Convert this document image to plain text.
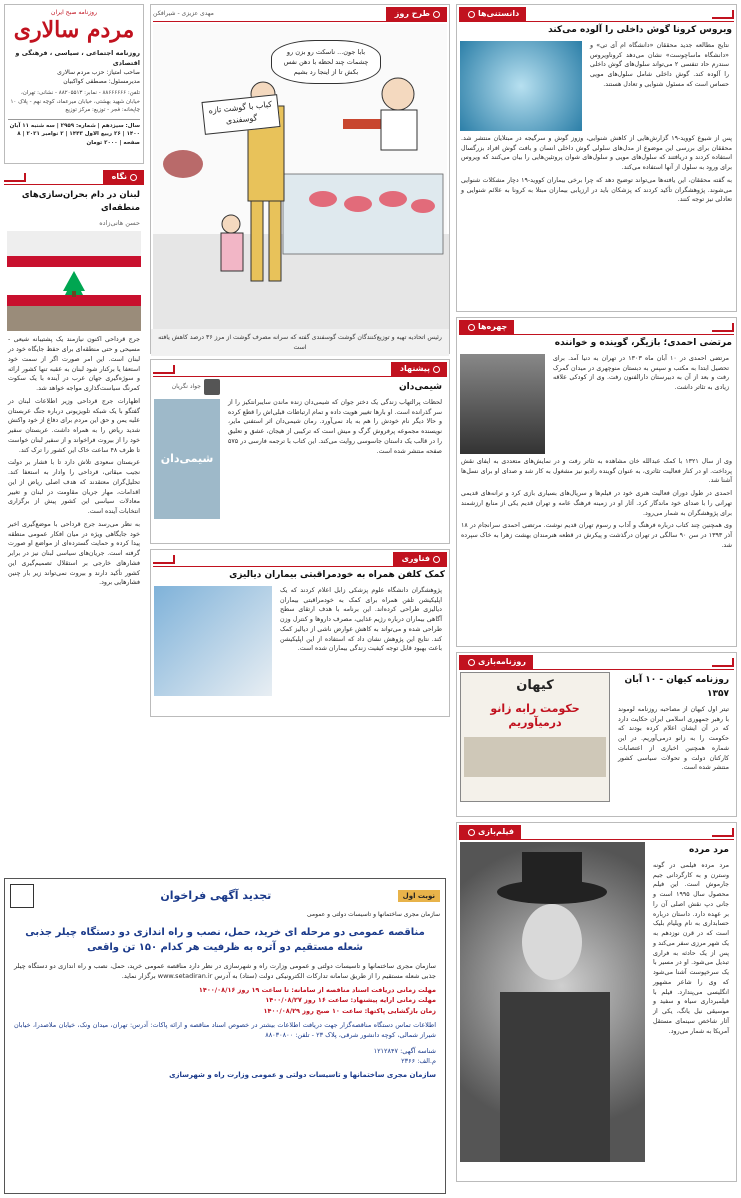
روزنامه صبح ایران
مردم سالاری
روزنامه اجتماعی ، سیاسی ، فرهنگی و اقتصادی
صاحب امتیاز: حزب مردم سالاری
مدیرمسئول: مصطفی کواکبیان
تلفن: ۸۸۶۶۶۶۶۶ - نمابر: ۸۸۲۰۵۵۱۳ - نشانی: تهران، خیابان شهید بهشتی، خیابان میرعماد، کوچه نهم - پلاک ۱۰
چاپخانه: فجر - توزیع: مرکز توزیع
سال: سیزدهم | شماره: ۲۹۵۹ | سه شنبه ۱۱ آبان ۱۴۰۰ | ۲۶ ربیع الاول ۱۴۴۳ | ۲ نوامبر ۲۰۲۱ | ۸ صفحه | ۲۰۰۰ تومان
نگاه
لبنان در دام بحران‌سازی‌های منطقه‌ای
حسن هانی‌زاده

جرج قرداحی اکنون نیازمند یک پشتیبانه شیعی - مسیحی و حتی منطقه‌ای برای حفظ جایگاه خود در لبنان است. این امر صورت اگر از سمت خود استعفا یا برکنار شود لبنان به عقبه تنها کشور ارائه و سوژه‌گیری جهان عرب در آینده با یک سکوت کمرنگ سیاست‌گذاری مواجه خواهد شد.

اظهارات جرج قرداحی وزیر اطلاعات لبنان در گفتگو با یک شبکه تلویزیونی درباره جنگ عربستان علیه یمن و حق این مردم برای دفاع از خود واکنش شدید ریاض را به همراه داشت. عربستان سفیر خود را از بیروت فراخواند و از سفیر لبنان خواست تا ظرف ۴۸ ساعت خاک این کشور را ترک کند.

عربستان سعودی تلاش دارد تا با فشار بر دولت نجیب میقاتی، قرداحی را وادار به استعفا کند. تحلیل‌گران معتقدند که هدف اصلی ریاض از این اقدامات، مهار جریان مقاومت در لبنان و تغییر معادلات سیاسی این کشور پیش از برگزاری انتخابات آینده است.

به نظر می‌رسد جرج قرداحی با موضع‌گیری اخیر خود جایگاهی ویژه در میان افکار عمومی منطقه پیدا کرده و حمایت گسترده‌ای از مواضع او صورت گرفته است. جریان‌های سیاسی لبنان نیز در برابر فشارهای خارجی بر استقلال تصمیم‌گیری این کشور تأکید دارند و بیروت نمی‌تواند زیر بار چنین فشارهایی برود.

طرح روز
مهدی عزیزی - شیرافکن
بابا جون... ناسکت رو بزن رو چشمات چند لحظه با دهن نفس بکش تا از اینجا رد بشیم
کباب با گوشت تازه گوسفندی
رئیس اتحادیه تهیه و توزیع‌کنندگان گوشت گوسفندی گفته که سرانه مصرف گوشت از مرز ۳۶ درصد کاهش یافته است
پیشنهاد
شیمی‌دان

لحظات پرالتهاب زندگی یک دختر جوان که شیمی‌دان زنده ماندن سایبرانتکیز را از سر گذرانده است. او بارها تغییر هویت داده و تمام ارتباطات قبلی‌اش را قطع کرده و حالا دیگر نام خودش را هم به یاد نمی‌آورد. رمان شیمی‌دان اثر استفنی مایر، نویسنده مجموعه پرفروش گرگ و میش است که ترکیبی از هیجان، عشق و تعلیق را در قالب یک داستان جاسوسی روایت می‌کند. این کتاب با ترجمه فارسی در ۵۷۵ صفحه منتشر شده است.

جواد نگریان
شیمی‌دان
فناوری
کمک کلفن همراه به خودمراقبتی بیماران دیالیزی

پژوهشگران دانشگاه علوم پزشکی زابل اعلام کردند که یک اپلیکیشن تلفن همراه برای کمک به خودمراقبتی بیماران دیالیزی طراحی کرده‌اند. این برنامه با هدف ارتقای سطح آگاهی بیماران درباره رژیم غذایی، مصرف داروها و کنترل وزن طراحی شده و می‌تواند به کاهش عوارض ناشی از دیالیز کمک کند. نتایج این پژوهش نشان داد که استفاده از این اپلیکیشن باعث بهبود قابل توجه کیفیت زندگی بیماران شده است.

نوبت اول
تجدید آگهی فراخوان
سازمان مجری ساختمانها و تاسیسات دولتی و عمومی
مناقصه عمومی دو مرحله ای خرید، حمل، نصب و راه اندازی دو دستگاه چیلر جذبی شعله مستقیم دو آتره به ظرفیت هر کدام ۱۵۰ تن واقعی

سازمان مجری ساختمانها و تاسیسات دولتی و عمومی وزارت راه و شهرسازی در نظر دارد مناقصه عمومی خرید، حمل، نصب و راه اندازی دو دستگاه چیلر جذبی شعله مستقیم را از طریق سامانه تدارکات الکترونیکی دولت (ستاد) به آدرس www.setadiran.ir برگزار نماید.

مهلت زمانی دریافت اسناد مناقصه از سامانه: تا ساعت ۱۹ روز ۱۴۰۰/۰۸/۱۶
مهلت زمانی ارایه پیشنهاد: ساعت ۱۶ روز ۱۴۰۰/۰۸/۲۷
زمان بازگشایی پاکتها: ساعت ۱۰ صبح روز ۱۴۰۰/۰۸/۲۹

اطلاعات تماس دستگاه مناقصه‌گزار جهت دریافت اطلاعات بیشتر در خصوص اسناد مناقصه و ارائه پاکات: آدرس: تهران، میدان ونک، خیابان ملاصدرا، خیابان شیراز شمالی، کوچه دانشور شرقی، پلاک ۲۳ - تلفن: ۸۸۰۳۰۸۰۰

شناسه آگهی: ۱۲۱۲۸۴۷
م.الف: ۲۳۶۶
سازمان مجری ساختمانها و تاسیسات دولتی و عمومی وزارت راه و شهرسازی
دانستنی‌ها
ویروس کرونا گوش داخلی را آلوده می‌کند

نتایج مطالعه جدید محققان «دانشگاه ام آی تی» و «دانشگاه ماساچوست» نشان می‌دهد کروناویروس سندرم حاد تنفسی ۲ می‌تواند سلول‌های گوش داخلی را آلوده کند. گوش داخلی شامل سلول‌های مویی حساس است که مسئول شنوایی و تعادل هستند.

پس از شیوع کووید-۱۹ گزارش‌هایی از کاهش شنوایی، وزوز گوش و سرگیجه در مبتلایان منتشر شد. محققان برای بررسی این موضوع از مدل‌های سلولی گوش داخلی انسان و بافت گوش افراد بزرگسال استفاده کردند و دریافتند که سلول‌های مویی و سلول‌های شوان پروتئین‌هایی را بیان می‌کنند که ویروس برای ورود به سلول از آنها استفاده می‌کند.

به گفته محققان، این یافته‌ها می‌تواند توضیح دهد که چرا برخی بیماران کووید-۱۹ دچار مشکلات شنوایی می‌شوند. پژوهشگران تأکید کردند که پزشکان باید در ارزیابی بیماران مبتلا به کرونا به علائم شنوایی و تعادلی نیز توجه کنند.

چهره‌ها
مرتضی احمدی؛ بازیگر، گوینده و خواننده

مرتضی احمدی در ۱۰ آبان ماه ۱۳۰۳ در تهران به دنیا آمد. برای تحصیل ابتدا به مکتب و سپس به دبستان منوچهری در میدان گمرک رفت و بعد از آن به دبیرستان دارالفنون رفت. وی از کودکی علاقه زیادی به تئاتر داشت.

وی از سال ۱۳۲۱ با کمک عبدالله خان مشاهده به تئاتر رفت و در نمایش‌های متعددی به ایفای نقش پرداخت. او در کنار فعالیت تئاتری، به عنوان گوینده رادیو نیز مشغول به کار شد و صدای او برای نسل‌ها آشنا شد.

احمدی در طول دوران فعالیت هنری خود در فیلم‌ها و سریال‌های بسیاری بازی کرد و ترانه‌های قدیمی تهرانی را با صدای خود ماندگار کرد. آثار او در زمینه فرهنگ عامه و تهران قدیم یکی از منابع ارزشمند برای پژوهشگران به شمار می‌رود.

وی همچنین چند کتاب درباره فرهنگ و آداب و رسوم تهران قدیم نوشت. مرتضی احمدی سرانجام در ۱۸ آذر ۱۳۹۳ در سن ۹۰ سالگی در تهران درگذشت و پیکرش در قطعه هنرمندان بهشت زهرا به خاک سپرده شد.

روزنامه‌بازی
روزنامه کیهان - ۱۰ آبان ۱۳۵۷

تیتر اول کیهان از مصاحبه روزنامه لوموند با رهبر جمهوری اسلامی ایران حکایت دارد که در آن ایشان اعلام کرده بودند که حکومت را به زانو درمی‌آوریم. در این شماره همچنین اخباری از اعتصابات کارکنان دولت و تحولات سیاسی کشور منتشر شده است.

کیهان
حکومت رابه زانو درمیآوریم
فیلم‌بازی
مرد مرده

مرد مرده فیلمی در گونه وسترن و به کارگردانی جیم جارموش است. این فیلم محصول سال ۱۹۹۵ است و جانی دپ نقش اصلی آن را بر عهده دارد. داستان درباره حسابداری به نام ویلیام بلیک است که در قرن نوزدهم به یک شهر مرزی سفر می‌کند و پس از یک حادثه به فراری تبدیل می‌شود. او در مسیر با یک سرخپوست آشنا می‌شود که وی را شاعر مشهور انگلیسی می‌پندارد. فیلم با فیلمبرداری سیاه و سفید و موسیقی نیل یانگ، یکی از آثار شاخص سینمای مستقل آمریکا به شمار می‌رود.
